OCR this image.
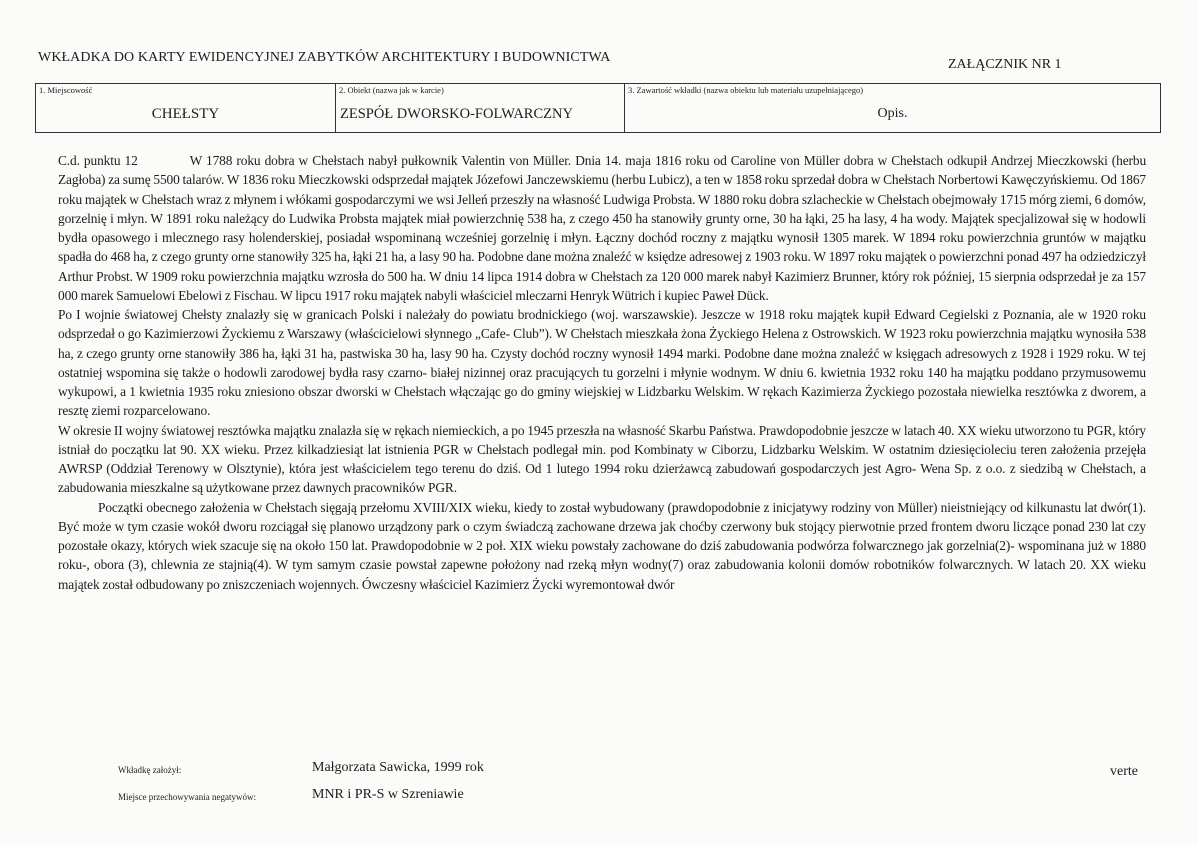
WKŁADKA DO KARTY EWIDENCYJNEJ ZABYTKÓW ARCHITEKTURY I BUDOWNICTWA	ZAŁĄCZNIK NR 1
1. Miejscowość
CHEŁSTY
2. Obiekt (nazwa jak w karcie)
ZESPÓŁ DWORSKO-FOLWARCZNY
3. Zawartość wkładki (nazwa obiektu lub materiału uzupełniającego)
Opis.

C.d. punktu 12	W 1788 roku dobra w Chełstach nabył pułkownik Valentin von Müller. Dnia 14. maja 1816 roku od Caroline von Müller dobra w Chełstach odkupił Andrzej Mieczkowski (herbu Zagłoba) za sumę 5500 talarów. W 1836 roku Mieczkowski odsprzedał majątek Józefowi Janczewskiemu (herbu Lubicz), a ten w 1858 roku sprzedał dobra w Chełstach Norbertowi Kawęczyńskiemu. Od 1867 roku majątek w Chełstach wraz z młynem i włókami gospodarczymi we wsi Jelleń przeszły na własność Ludwiga Probsta. W 1880 roku dobra szlacheckie w Chełstach obejmowały 1715 mórg ziemi, 6 domów, gorzelnię i młyn. W 1891 roku należący do Ludwika Probsta majątek miał powierzchnię 538 ha, z czego 450 ha stanowiły grunty orne, 30 ha łąki, 25 ha lasy, 4 ha wody. Majątek specjalizował się w hodowli bydła opasowego i mlecznego rasy holenderskiej, posiadał wspominaną wcześniej gorzelnię i młyn. Łączny dochód roczny z majątku wynosił 1305 marek. W 1894 roku powierzchnia gruntów w majątku spadła do 468 ha, z czego grunty orne stanowiły 325 ha, łąki 21 ha, a lasy 90 ha. Podobne dane można znaleźć w księdze adresowej z 1903 roku. W 1897 roku majątek o powierzchni ponad 497 ha odziedziczył Arthur Probst. W 1909 roku powierzchnia majątku wzrosła do 500 ha. W dniu 14 lipca 1914 dobra w Chełstach za 120 000 marek nabył Kazimierz Brunner, który rok później, 15 sierpnia odsprzedał je za 157 000 marek Samuelowi Ebelowi z Fischau. W lipcu 1917 roku majątek nabyli właściciel mleczarni Henryk Wütrich i kupiec Paweł Dück.

Po I wojnie światowej Chełsty znalazły się w granicach Polski i należały do powiatu brodnickiego (woj. warszawskie). Jeszcze w 1918 roku majątek kupił Edward Cegielski z Poznania, ale w 1920 roku odsprzedał o go Kazimierzowi Życkiemu z Warszawy (właścicielowi słynnego „Cafe- Club”). W Chełstach mieszkała żona Życkiego Helena z Ostrowskich. W 1923 roku powierzchnia majątku wynosiła 538 ha, z czego grunty orne stanowiły 386 ha, łąki 31 ha, pastwiska 30 ha, lasy 90 ha. Czysty dochód roczny wynosił 1494 marki. Podobne dane można znaleźć w księgach adresowych z 1928 i 1929 roku. W tej ostatniej wspomina się także o hodowli zarodowej bydła rasy czarno- białej nizinnej oraz pracujących tu gorzelni i młynie wodnym. W dniu 6. kwietnia 1932 roku 140 ha majątku poddano przymusowemu wykupowi, a 1 kwietnia 1935 roku zniesiono obszar dworski w Chełstach włączając go do gminy wiejskiej w Lidzbarku Welskim. W rękach Kazimierza Życkiego pozostała niewielka resztówka z dworem, a resztę ziemi rozparcelowano.

W okresie II wojny światowej resztówka majątku znalazła się w rękach niemieckich, a po 1945 przeszła na własność Skarbu Państwa. Prawdopodobnie jeszcze w latach 40. XX wieku utworzono tu PGR, który istniał do początku lat 90. XX wieku. Przez kilkadziesiąt lat istnienia PGR w Chełstach podlegał min. pod Kombinaty w Ciborzu, Lidzbarku Welskim. W ostatnim dziesięcioleciu teren założenia przejęła AWRSP (Oddział Terenowy w Olsztynie), która jest właścicielem tego terenu do dziś. Od 1 lutego 1994 roku dzierżawcą zabudowań gospodarczych jest Agro- Wena Sp. z o.o. z siedzibą w Chełstach, a zabudowania mieszkalne są użytkowane przez dawnych pracowników PGR.

Początki obecnego założenia w Chełstach sięgają przełomu XVIII/XIX wieku, kiedy to został wybudowany (prawdopodobnie z inicjatywy rodziny von Müller) nieistniejący od kilkunastu lat dwór(1). Być może w tym czasie wokół dworu rozciągał się planowo urządzony park o czym świadczą zachowane drzewa jak choćby czerwony buk stojący pierwotnie przed frontem dworu liczące ponad 230 lat czy pozostałe okazy, których wiek szacuje się na około 150 lat. Prawdopodobnie w 2 poł. XIX wieku powstały zachowane do dziś zabudowania podwórza folwarcznego jak gorzelnia(2)- wspominana już w 1880 roku-, obora (3), chlewnia ze stajnią(4). W tym samym czasie powstał zapewne położony nad rzeką młyn wodny(7) oraz zabudowania kolonii domów robotników folwarcznych. W latach 20. XX wieku majątek został odbudowany po zniszczeniach wojennych. Ówczesny właściciel Kazimierz Życki wyremontował dwór

Wkładkę założył:	Małgorzata Sawicka, 1999 rok	verte
Miejsce przechowywania negatywów:	MNR i PR-S w Szreniawie
